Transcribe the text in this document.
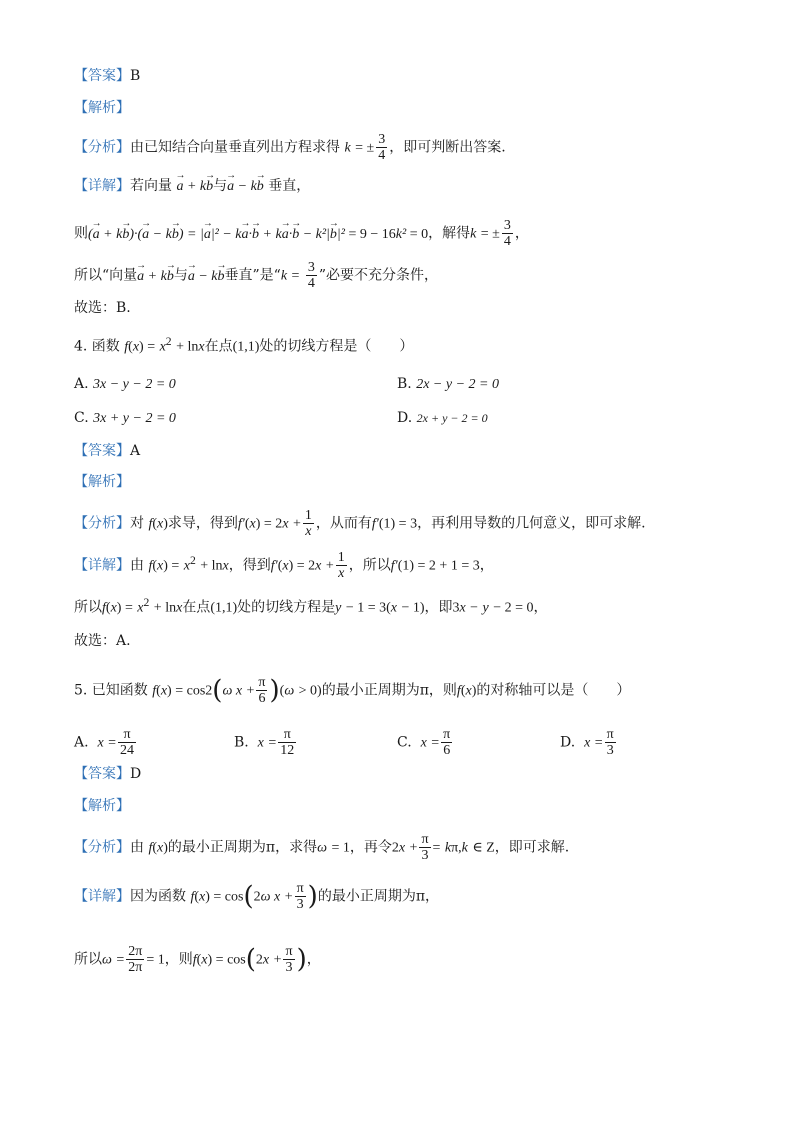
【答案】B
【解析】
【分析】由已知结合向量垂直列出方程求得 k = ± $\frac{3}{4}$ ，即可判断出答案.
【详解】若向量 → a + k→ b与→ a − k→ b 垂直，
则(→ a + k→ b)·(→ a − k→ b) = |→ a|² − k→ a·→ b + k→ a·→ b − k²|→ b|² = 9 − 16k² = 0，解得k = ± $\frac{3}{4}$ ，
所以“向量→ a + k→ b与→ a − k→ b垂直”是“$k = \frac{3}{4}$ ”必要不充分条件，
故选：B.
4. 函数 $f(x) = x^2 + \ln x$在点(1,1)处的切线方程是（　　）
A. 3x − y − 2 = 0	B. 2x − y − 2 = 0
C. 3x + y − 2 = 0	D. 2x + y − 2 = 0
【答案】A
【解析】
【分析】对 f(x)求导，得到$f'(x) = 2x + \frac{1}{x}$ ，从而有f′(1) = 3，再利用导数的几何意义，即可求解.
【详解】由 $f(x) = x^2 + \ln x$，得到$f'(x) = 2x + \frac{1}{x}$ ，所以f′(1) = 2 + 1 = 3，
所以$f(x) = x^2 + \ln x$在点(1,1)处的切线方程是y − 1 = 3(x − 1)，即3x − y − 2 = 0，
故选：A.
5. 已知函数 f(x) = cos2(ω $x + \frac{\pi}{6} )(\omega > 0)$的最小正周期为π，则f(x)的对称轴可以是（　　）
A. $x = \frac{\pi}{24}$	B. $x = \frac{\pi}{12}$	C. $x = \frac{\pi}{6}$	D. $x = \frac{\pi}{3}$
【答案】D
【解析】
【分析】由 f(x)的最小正周期为π，求得ω = 1，再令$2x + \frac{\pi}{3} = k\pi,k$ ∈ Z，即可求解.
【详解】因为函数 f(x) = cos(2ω $x + \frac{\pi}{3}$ )的最小正周期为π，
所以$\omega = \frac{2\pi}{2\pi} = 1$，则$f(x) = \cos(2x + \frac{\pi}{3}$ )，
